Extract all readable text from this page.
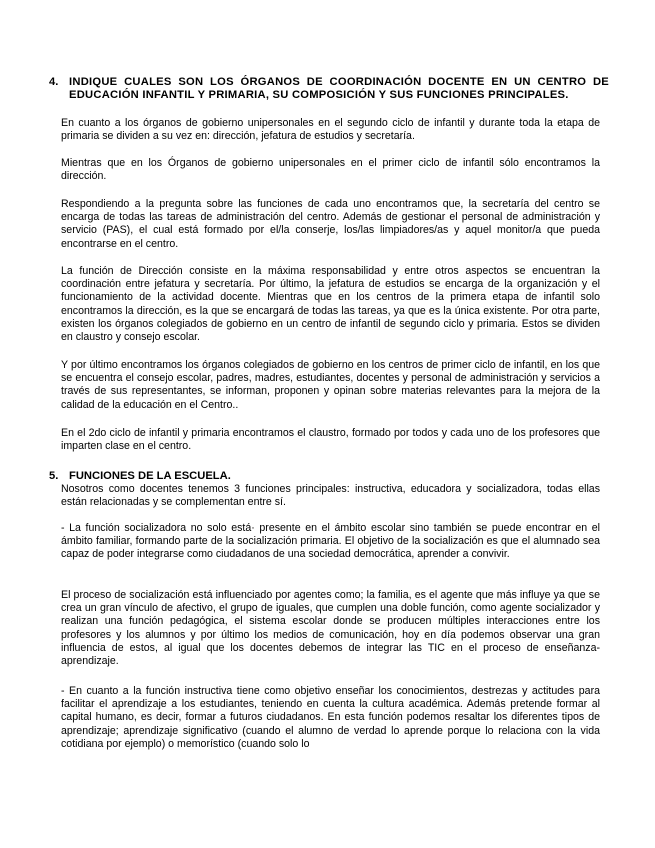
4. INDIQUE CUALES SON LOS ÓRGANOS DE COORDINACIÓN DOCENTE EN UN CENTRO DE EDUCACIÓN INFANTIL Y PRIMARIA, SU COMPOSICIÓN Y SUS FUNCIONES PRINCIPALES.

En cuanto a los órganos de gobierno unipersonales en el segundo ciclo de infantil y durante toda la etapa de primaria se dividen a su vez en: dirección, jefatura de estudios y secretaría.

Mientras que en los Órganos de gobierno unipersonales en el primer ciclo de infantil sólo encontramos la dirección.

Respondiendo a la pregunta sobre las funciones de cada uno encontramos que, la secretaría del centro se encarga de todas las tareas de administración del centro. Además de gestionar el personal de administración y servicio (PAS), el cual está formado por el/la conserje, los/las limpiadores/as y aquel monitor/a que pueda encontrarse en el centro.

La función de Dirección consiste en la máxima responsabilidad y entre otros aspectos se encuentran la coordinación entre jefatura y secretaría. Por último, la jefatura de estudios se encarga de la organización y el funcionamiento de la actividad docente. Mientras que en los centros de la primera etapa de infantil solo encontramos la dirección, es la que se encargará de todas las tareas, ya que es la única existente. Por otra parte, existen los órganos colegiados de gobierno en un centro de infantil de segundo ciclo y primaria. Estos se dividen en claustro y consejo escolar.

Y por último encontramos los órganos colegiados de gobierno en los centros de primer ciclo de infantil, en los que se encuentra el consejo escolar, padres, madres, estudiantes, docentes y personal de administración y servicios a través de sus representantes, se informan, proponen y opinan sobre materias relevantes para la mejora de la calidad de la educación en el Centro..

En el 2do ciclo de infantil y primaria encontramos el claustro, formado por todos y cada uno de los profesores que imparten clase en el centro.

5. FUNCIONES DE LA ESCUELA.

Nosotros como docentes tenemos 3 funciones principales: instructiva, educadora y socializadora, todas ellas están relacionadas y se complementan entre sí.

- La función socializadora no solo está· presente en el ámbito escolar sino también se puede encontrar en el ámbito familiar, formando parte de la socialización primaria. El objetivo de la socialización es que el alumnado sea capaz de poder integrarse como ciudadanos de una sociedad democrática, aprender a convivir.

El proceso de socialización está influenciado por agentes como; la familia, es el agente que más influye ya que se crea un gran vínculo de afectivo, el grupo de iguales, que cumplen una doble función, como agente socializador y realizan una función pedagógica, el sistema escolar donde se producen múltiples interacciones entre los profesores y los alumnos y por último los medios de comunicación, hoy en día podemos observar una gran influencia de estos, al igual que los docentes debemos de integrar las TIC en el proceso de enseñanza-aprendizaje.

- En cuanto a la función instructiva tiene como objetivo enseñar los conocimientos, destrezas y actitudes para facilitar el aprendizaje a los estudiantes, teniendo en cuenta la cultura académica. Además pretende formar al capital humano, es decir, formar a futuros ciudadanos. En esta función podemos resaltar los diferentes tipos de aprendizaje; aprendizaje significativo (cuando el alumno de verdad lo aprende porque lo relaciona con la vida cotidiana por ejemplo) o memorístico (cuando solo lo
